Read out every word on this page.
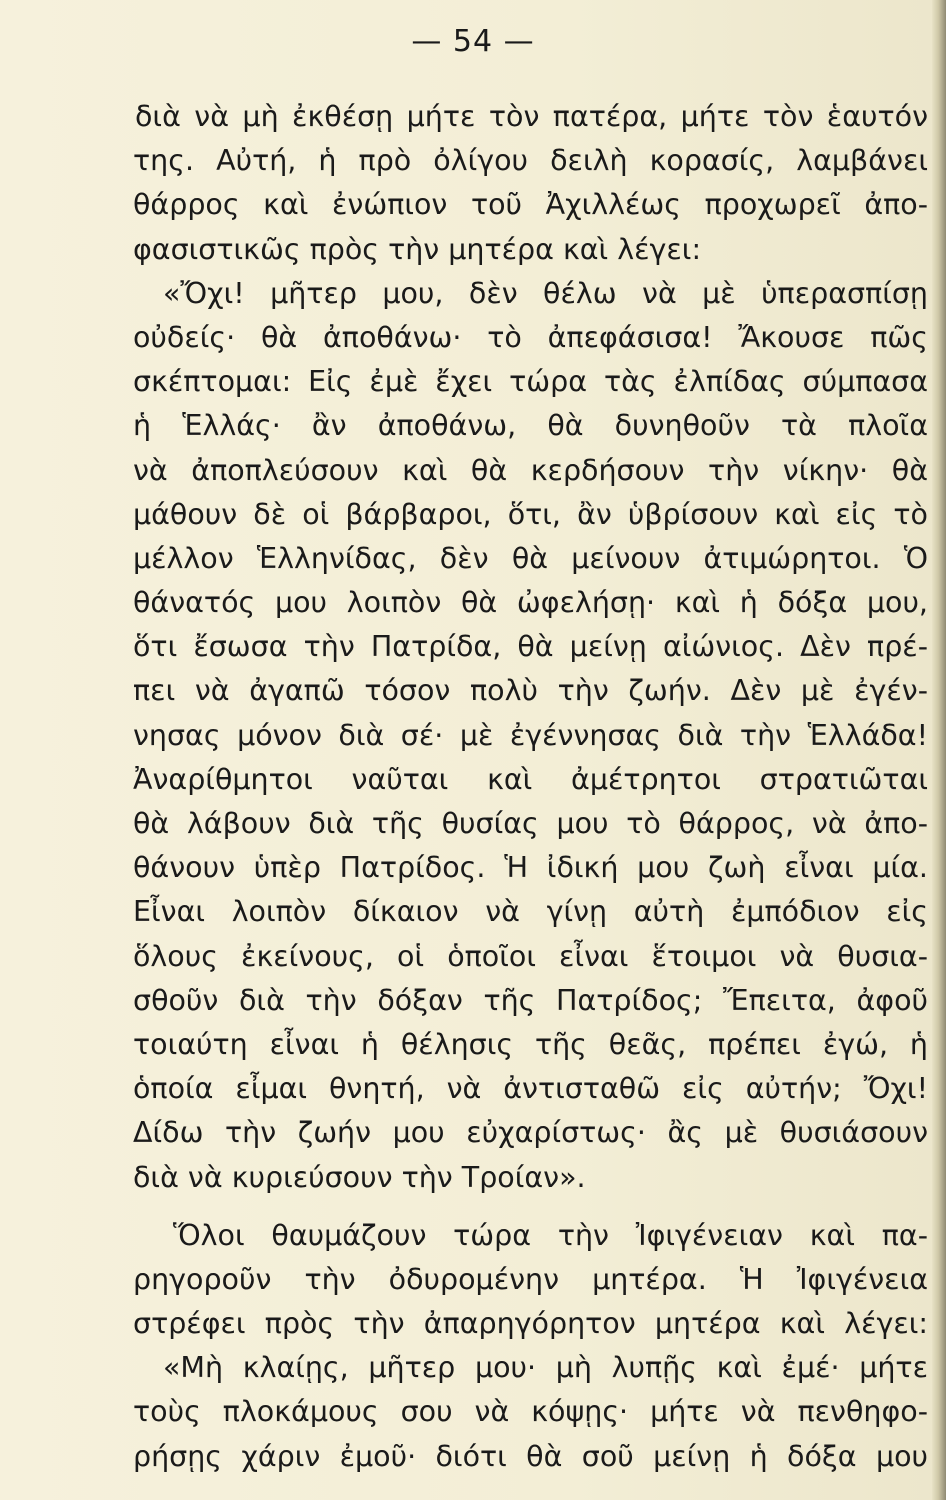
— 54 —
διὰ νὰ μὴ ἐκθέσῃ μήτε τὸν πατέρα, μήτε τὸν ἑαυτόν
της. Αὐτή, ἡ πρὸ ὀλίγου δειλὴ κορασίς, λαμβάνει
θάρρος καὶ ἐνώπιον τοῦ Ἀχιλλέως προχωρεῖ ἀπο-
φασιστικῶς πρὸς τὴν μητέρα καὶ λέγει:
«Ὄχι! μῆτερ μου, δὲν θέλω νὰ μὲ ὑπερασπίσῃ
οὐδείς· θὰ ἀποθάνω· τὸ ἀπεφάσισα! Ἄκουσε πῶς
σκέπτομαι: Εἰς ἐμὲ ἔχει τώρα τὰς ἐλπίδας σύμπασα
ἡ Ἑλλάς· ἂν ἀποθάνω, θὰ δυνηθοῦν τὰ πλοῖα
νὰ ἀποπλεύσουν καὶ θὰ κερδήσουν τὴν νίκην· θὰ
μάθουν δὲ οἱ βάρβαροι, ὅτι, ἂν ὑβρίσουν καὶ εἰς τὸ
μέλλον Ἑλληνίδας, δὲν θὰ μείνουν ἀτιμώρητοι. Ὁ
θάνατός μου λοιπὸν θὰ ὠφελήσῃ· καὶ ἡ δόξα μου,
ὅτι ἔσωσα τὴν Πατρίδα, θὰ μείνῃ αἰώνιος. Δὲν πρέ-
πει νὰ ἀγαπῶ τόσον πολὺ τὴν ζωήν. Δὲν μὲ ἐγέν-
νησας μόνον διὰ σέ· μὲ ἐγέννησας διὰ τὴν Ἑλλάδα!
Ἀναρίθμητοι ναῦται καὶ ἀμέτρητοι στρατιῶται
θὰ λάβουν διὰ τῆς θυσίας μου τὸ θάρρος, νὰ ἀπο-
θάνουν ὑπὲρ Πατρίδος. Ἡ ἰδική μου ζωὴ εἶναι μία.
Εἶναι λοιπὸν δίκαιον νὰ γίνῃ αὐτὴ ἐμπόδιον εἰς
ὅλους ἐκείνους, οἱ ὁποῖοι εἶναι ἕτοιμοι νὰ θυσια-
σθοῦν διὰ τὴν δόξαν τῆς Πατρίδος; Ἔπειτα, ἀφοῦ
τοιαύτη εἶναι ἡ θέλησις τῆς θεᾶς, πρέπει ἐγώ, ἡ
ὁποία εἶμαι θνητή, νὰ ἀντισταθῶ εἰς αὐτήν; Ὄχι!
Δίδω τὴν ζωήν μου εὐχαρίστως· ἂς μὲ θυσιάσουν
διὰ νὰ κυριεύσουν τὴν Τροίαν».
Ὅλοι θαυμάζουν τώρα τὴν Ἰφιγένειαν καὶ πα-
ρηγοροῦν τὴν ὀδυρομένην μητέρα. Ἡ Ἰφιγένεια
στρέφει πρὸς τὴν ἀπαρηγόρητον μητέρα καὶ λέγει:
«Μὴ κλαίῃς, μῆτερ μου· μὴ λυπῇς καὶ ἐμέ· μήτε
τοὺς πλοκάμους σου νὰ κόψῃς· μήτε νὰ πενθηφο-
ρήσῃς χάριν ἐμοῦ· διότι θὰ σοῦ μείνῃ ἡ δόξα μου
